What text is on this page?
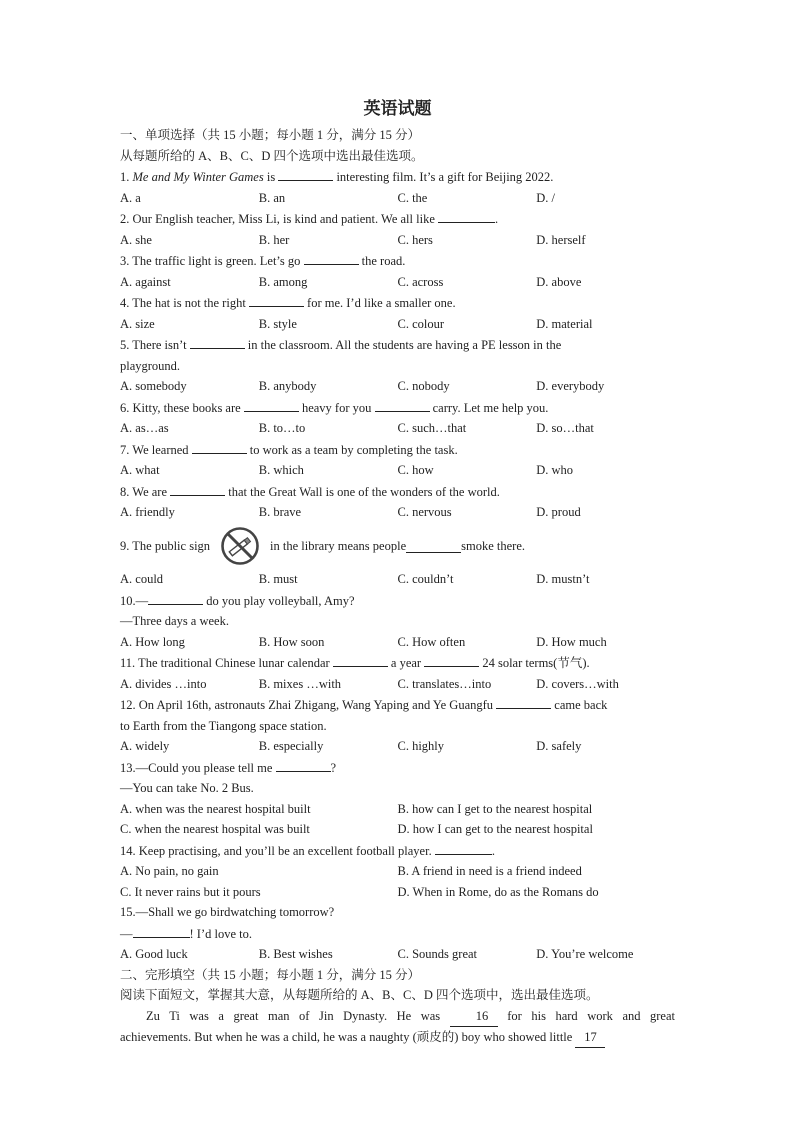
英语试题
一、单项选择（共 15 小题；每小题 1 分，满分 15 分）
从每题所给的 A、B、C、D 四个选项中选出最佳选项。
1. Me and My Winter Games is	interesting film. It’s a gift for Beijing 2022.
A. a	B. an	C. the	D. /
2. Our English teacher, Miss Li, is kind and patient. We all like	.
A. she	B. her	C. hers	D. herself
3. The traffic light is green. Let’s go	the road.
A. against	B. among	C. across	D. above
4. The hat is not the right	for me. I’d like a smaller one.
A. size	B. style	C. colour	D. material
5. There isn’t	in the classroom. All the students are having a PE lesson in the
playground.
A. somebody	B. anybody	C. nobody	D. everybody
6. Kitty, these books are	heavy for you	carry. Let me help you.
A. as…as	B. to…to	C. such…that	D. so…that
7. We learned	to work as a team by completing the task.
A. what	B. which	C. how	D. who
8. We are	that the Great Wall is one of the wonders of the world.
A. friendly	B. brave	C. nervous	D. proud
9. The public sign	in the library means people	smoke there.
A. could	B. must	C. couldn’t	D. mustn’t
10.—	do you play volleyball, Amy?
—Three days a week.
A. How long	B. How soon	C. How often	D. How much
11. The traditional Chinese lunar calendar	a year	24 solar terms(节气).
A. divides …into	B. mixes …with	C. translates…into	D. covers…with
12. On April 16th, astronauts Zhai Zhigang, Wang Yaping and Ye Guangfu	came back
to Earth from the Tiangong space station.
A. widely	B. especially	C. highly	D. safely
13.—Could you please tell me	?
—You can take No. 2 Bus.
A. when was the nearest hospital built	B. how can I get to the nearest hospital
C. when the nearest hospital was built	D. how I can get to the nearest hospital
14. Keep practising, and you’ll be an excellent football player.	.
A. No pain, no gain	B. A friend in need is a friend indeed
C. It never rains but it pours	D. When in Rome, do as the Romans do
15.—Shall we go birdwatching tomorrow?
—	! I’d love to.
A. Good luck	B. Best wishes	C. Sounds great	D. You’re welcome
二、完形填空（共 15 小题；每小题 1 分，满分 15 分）
阅读下面短文，掌握其大意，从每题所给的 A、B、C、D 四个选项中，选出最佳选项。
Zu Ti was a great man of Jin Dynasty. He was 16 for his hard work and great
achievements. But when he was a child, he was a naughty (顽皮的) boy who showed little 17
